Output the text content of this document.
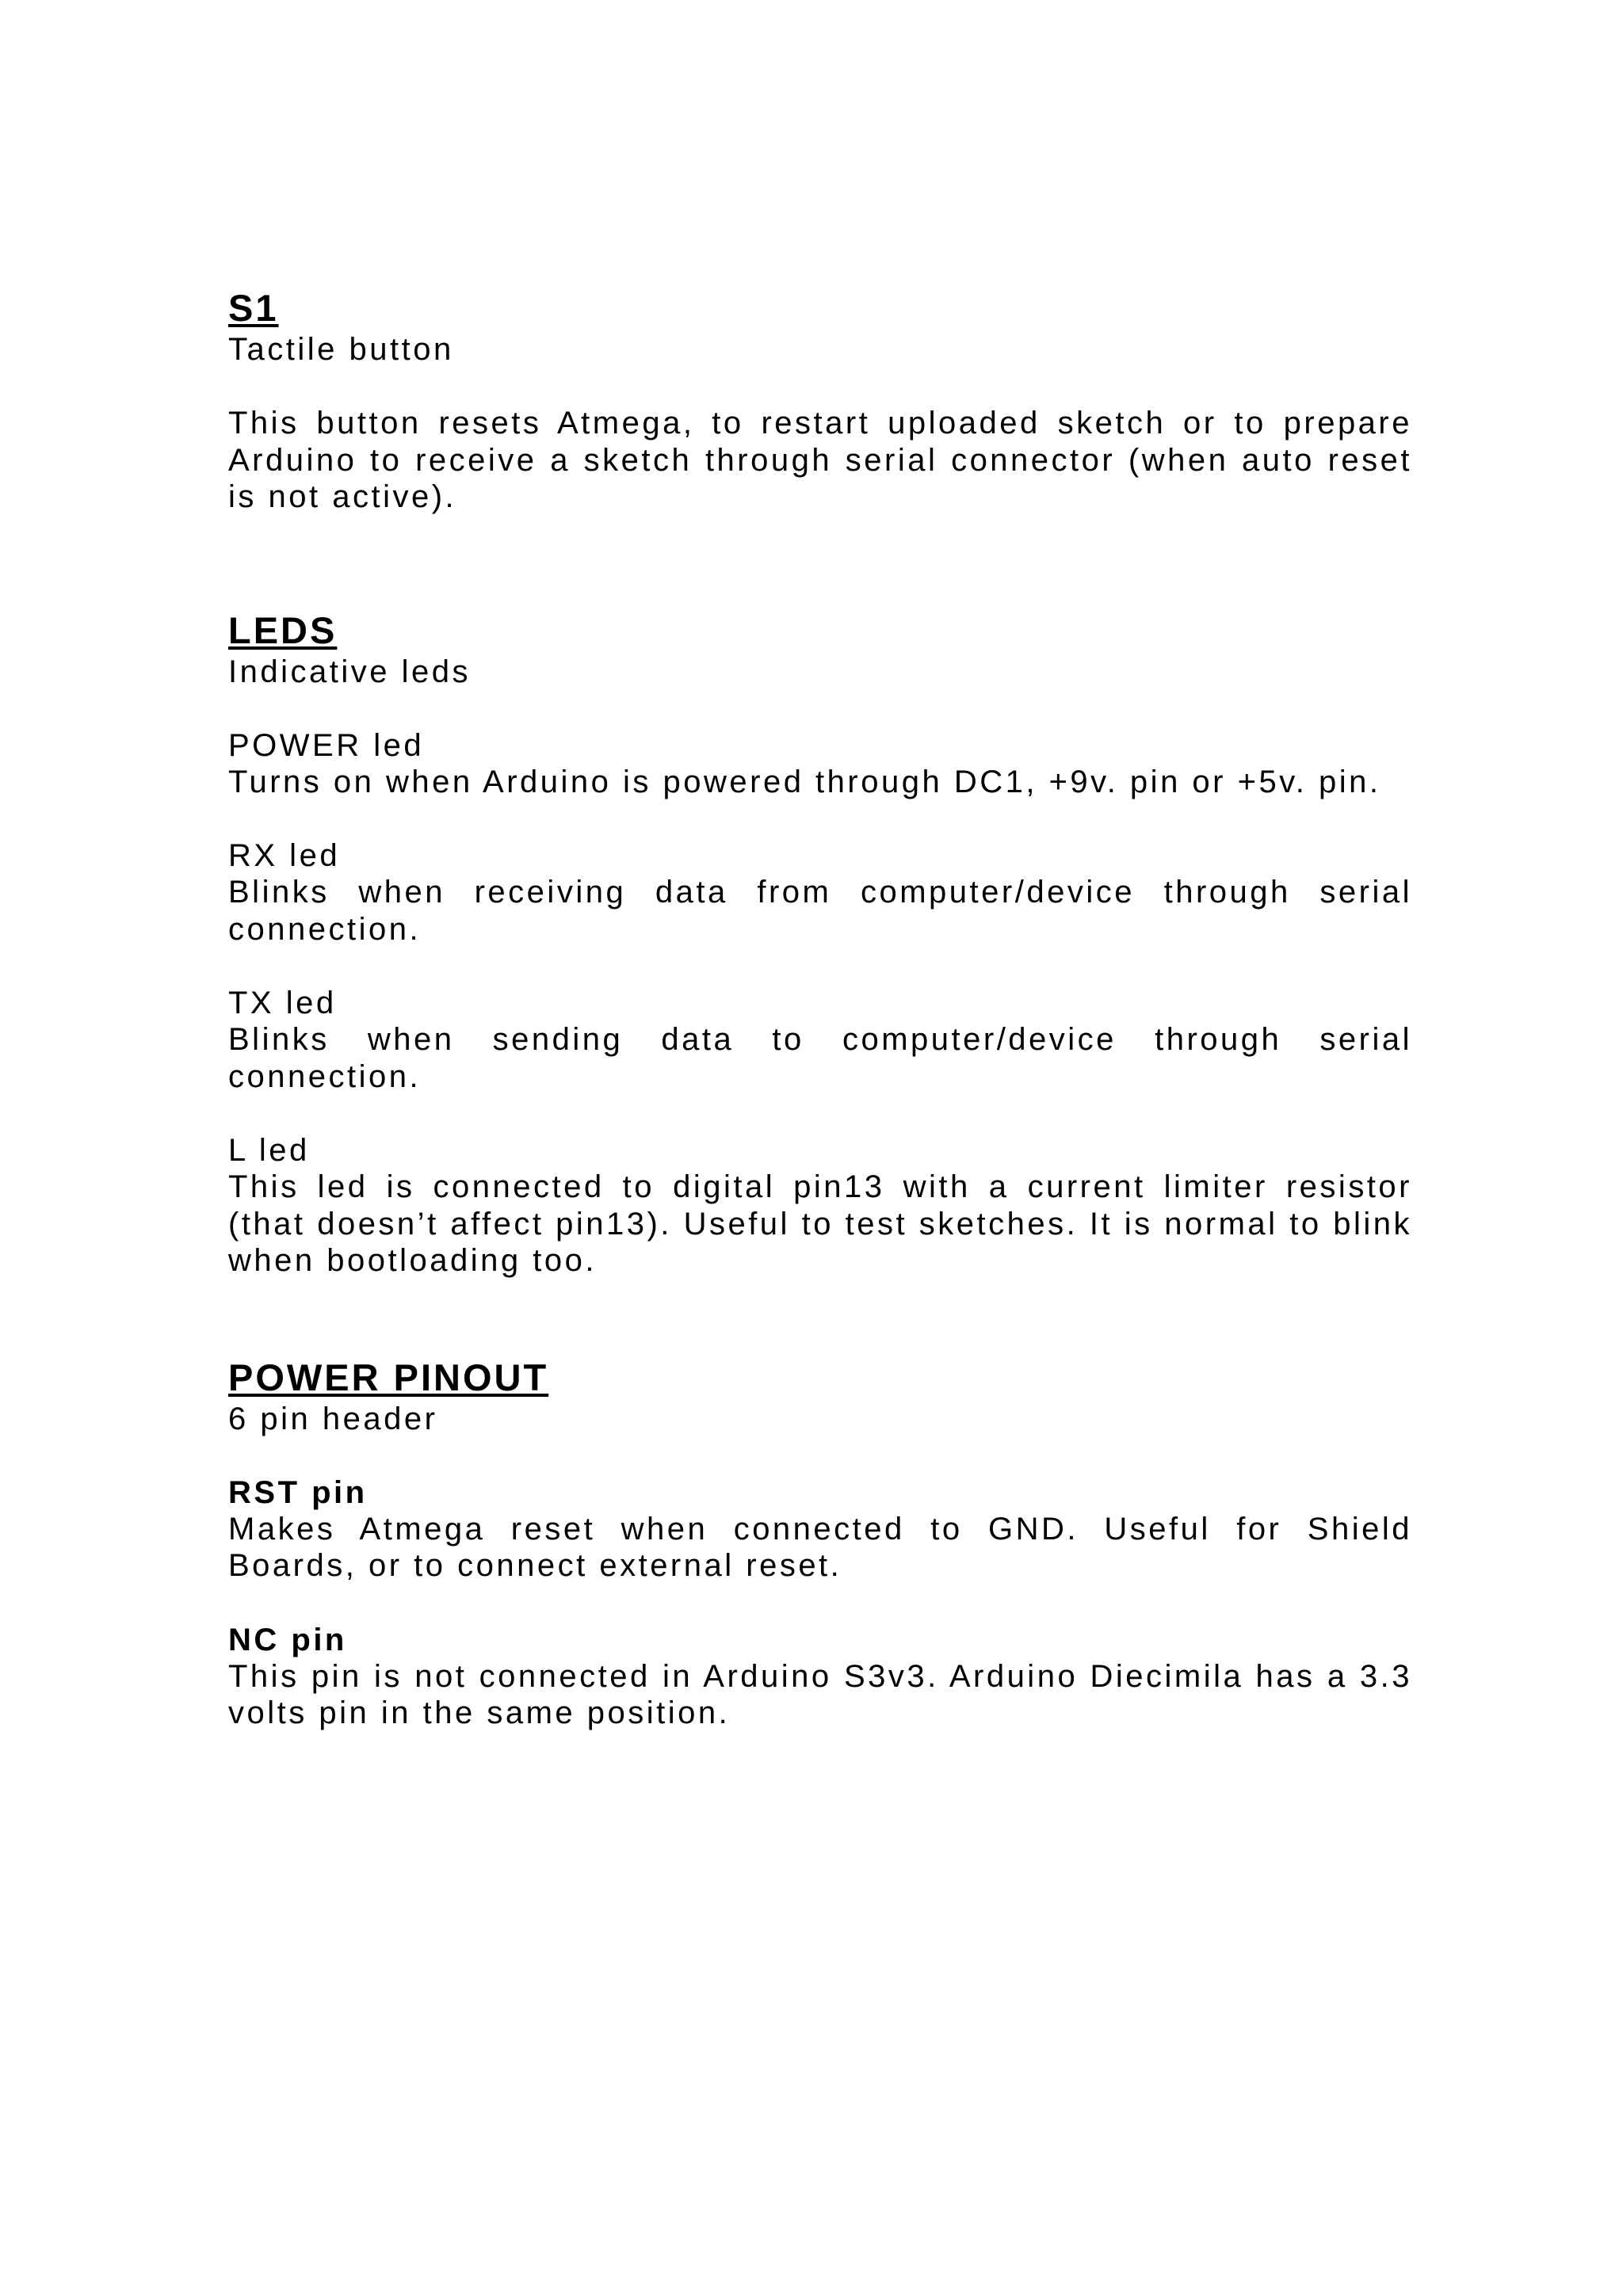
S1

Tactile button

This button resets Atmega, to restart uploaded sketch or to prepare Arduino to receive a sketch through serial connector (when auto reset is not active).

LEDS

Indicative leds

POWER led

Turns on when Arduino is powered through DC1, +9v. pin or +5v. pin.

RX led

Blinks when receiving data from computer/device through serial connection.

TX led

Blinks when sending data to computer/device through serial connection.

L led

This led is connected to digital pin13 with a current limiter resistor (that doesn’t affect pin13). Useful to test sketches. It is normal to blink when bootloading too.

POWER PINOUT

6 pin header

RST pin

Makes Atmega reset when connected to GND. Useful for Shield Boards, or to connect external reset.

NC pin

This pin is not connected in Arduino S3v3. Arduino Diecimila has a 3.3 volts pin in the same position.
